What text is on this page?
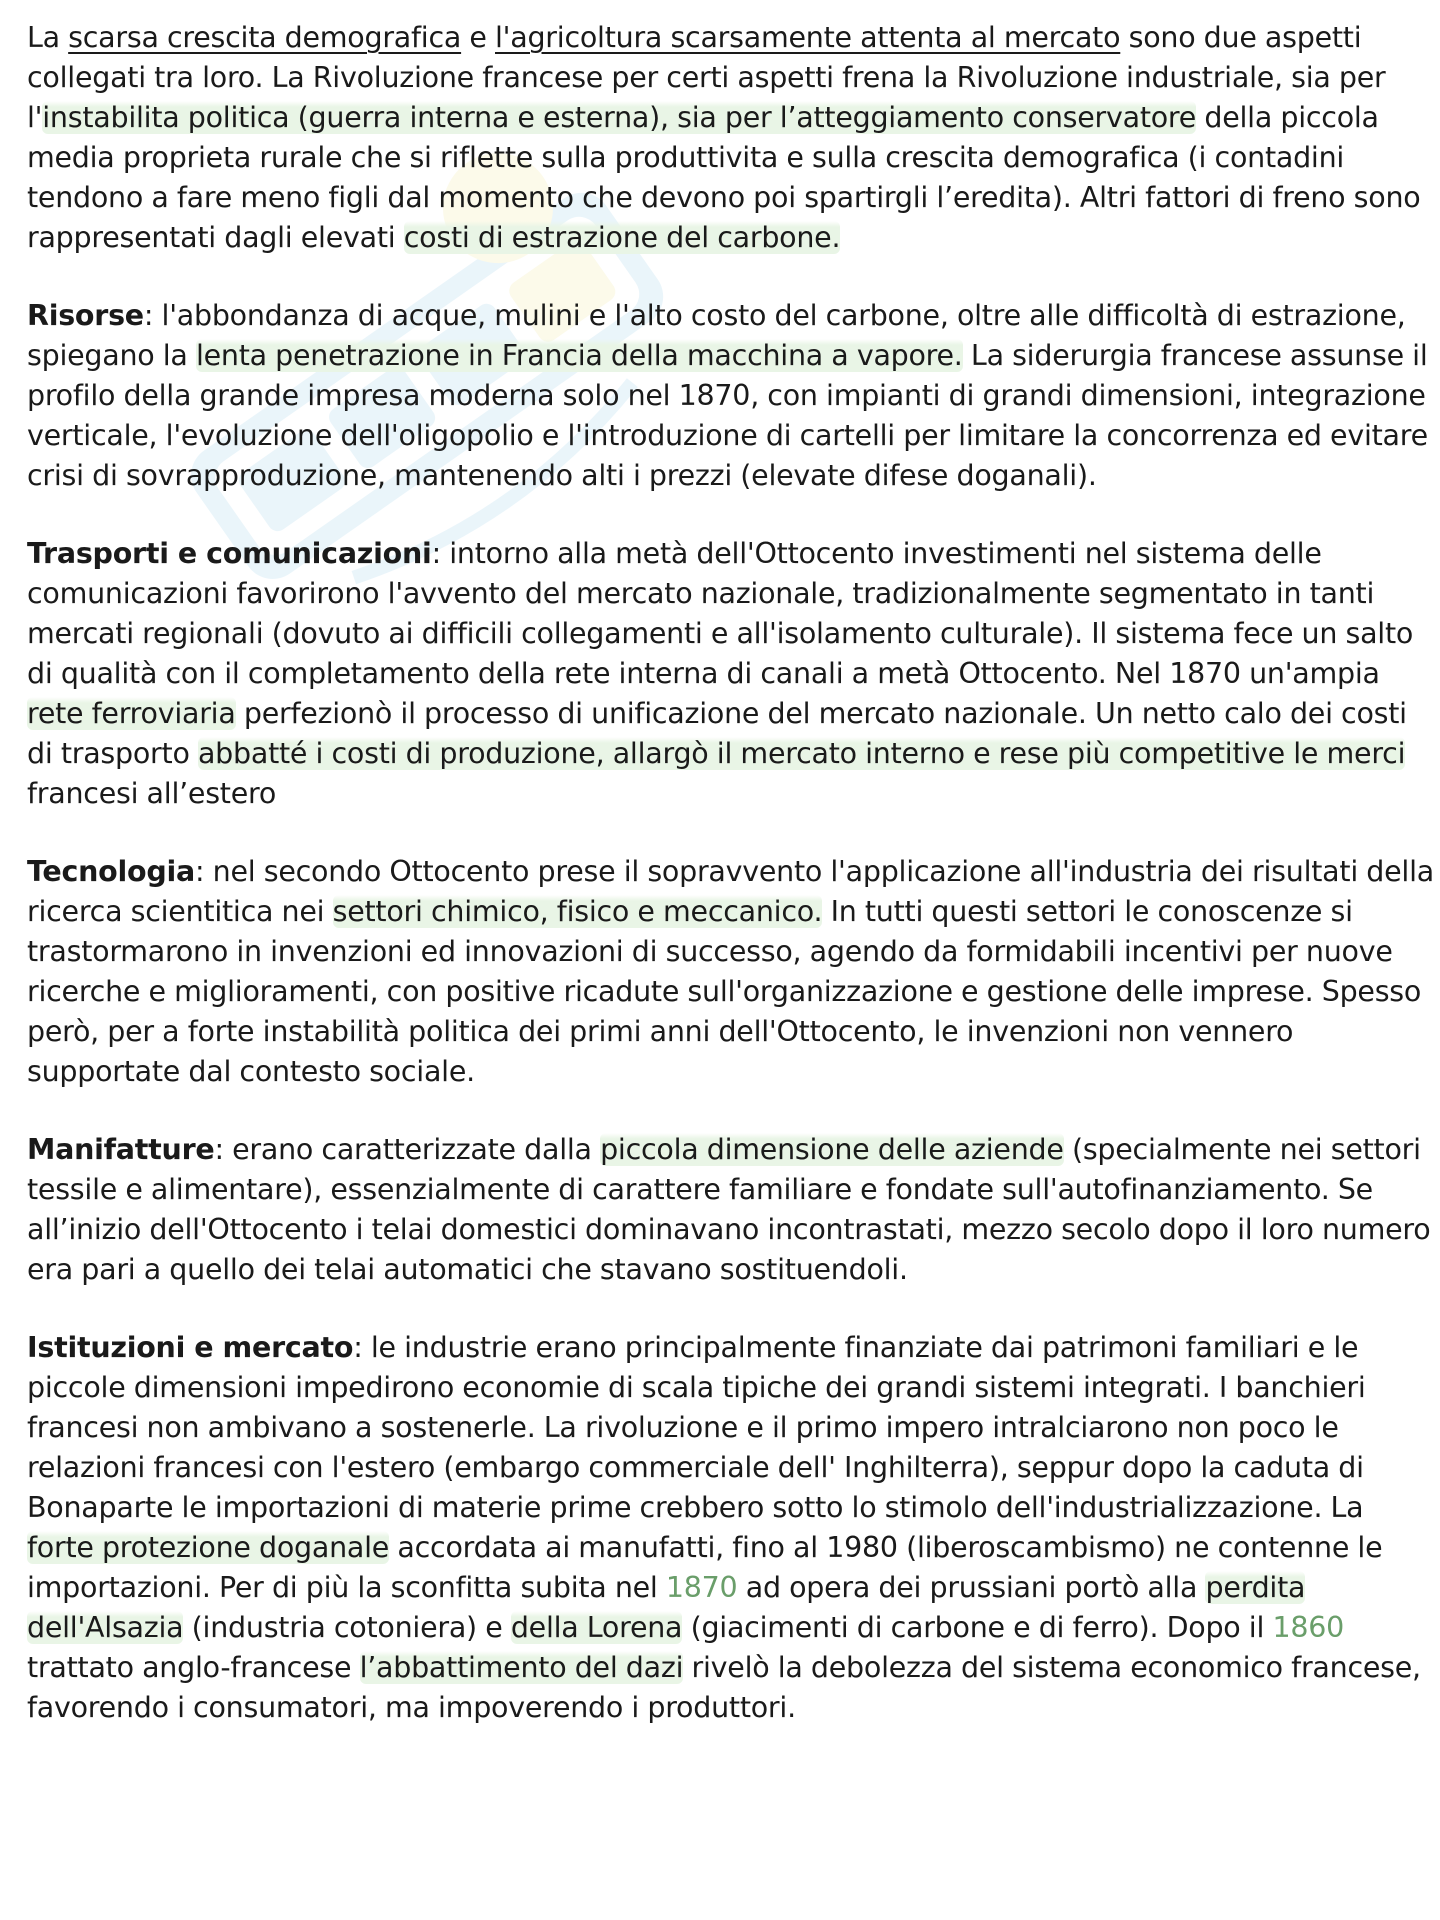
La scarsa crescita demografica e l'agricoltura scarsamente attenta al mercato sono due aspetti collegati tra loro. La Rivoluzione francese per certi aspetti frena la Rivoluzione industriale, sia per l'instabilita politica (guerra interna e esterna), sia per l’atteggiamento conservatore della piccola media proprieta rurale che si riflette sulla produttivita e sulla crescita demografica (i contadini tendono a fare meno figli dal momento che devono poi spartirgli l’eredita). Altri fattori di freno sono rappresentati dagli elevati costi di estrazione del carbone.

Risorse: l'abbondanza di acque, mulini e l'alto costo del carbone, oltre alle difficoltà di estrazione, spiegano la lenta penetrazione in Francia della macchina a vapore. La siderurgia francese assunse il profilo della grande impresa moderna solo nel 1870, con impianti di grandi dimensioni, integrazione verticale, l'evoluzione dell'oligopolio e l'introduzione di cartelli per limitare la concorrenza ed evitare crisi di sovrapproduzione, mantenendo alti i prezzi (elevate difese doganali).

Trasporti e comunicazioni: intorno alla metà dell'Ottocento investimenti nel sistema delle comunicazioni favorirono l'avvento del mercato nazionale, tradizionalmente segmentato in tanti mercati regionali (dovuto ai difficili collegamenti e all'isolamento culturale). Il sistema fece un salto di qualità con il completamento della rete interna di canali a metà Ottocento. Nel 1870 un'ampia rete ferroviaria perfezionò il processo di unificazione del mercato nazionale. Un netto calo dei costi di trasporto abbatté i costi di produzione, allargò il mercato interno e rese più competitive le merci francesi all’estero

Tecnologia: nel secondo Ottocento prese il sopravvento l'applicazione all'industria dei risultati della ricerca scientitica nei settori chimico, fisico e meccanico. In tutti questi settori le conoscenze si trastormarono in invenzioni ed innovazioni di successo, agendo da formidabili incentivi per nuove ricerche e miglioramenti, con positive ricadute sull'organizzazione e gestione delle imprese. Spesso però, per a forte instabilità politica dei primi anni dell'Ottocento, le invenzioni non vennero supportate dal contesto sociale.

Manifatture: erano caratterizzate dalla piccola dimensione delle aziende (specialmente nei settori tessile e alimentare), essenzialmente di carattere familiare e fondate sull'autofinanziamento. Se all’inizio dell'Ottocento i telai domestici dominavano incontrastati, mezzo secolo dopo il loro numero era pari a quello dei telai automatici che stavano sostituendoli.

Istituzioni e mercato: le industrie erano principalmente finanziate dai patrimoni familiari e le piccole dimensioni impedirono economie di scala tipiche dei grandi sistemi integrati. I banchieri francesi non ambivano a sostenerle. La rivoluzione e il primo impero intralciarono non poco le relazioni francesi con l'estero (embargo commerciale dell' Inghilterra), seppur dopo la caduta di Bonaparte le importazioni di materie prime crebbero sotto lo stimolo dell'industrializzazione. La forte protezione doganale accordata ai manufatti, fino al 1980 (liberoscambismo) ne contenne le importazioni. Per di più la sconfitta subita nel 1870 ad opera dei prussiani portò alla perdita dell'Alsazia (industria cotoniera) e della Lorena (giacimenti di carbone e di ferro). Dopo il 1860 trattato anglo-francese l’abbattimento del dazi rivelò la debolezza del sistema economico francese, favorendo i consumatori, ma impoverendo i produttori.
